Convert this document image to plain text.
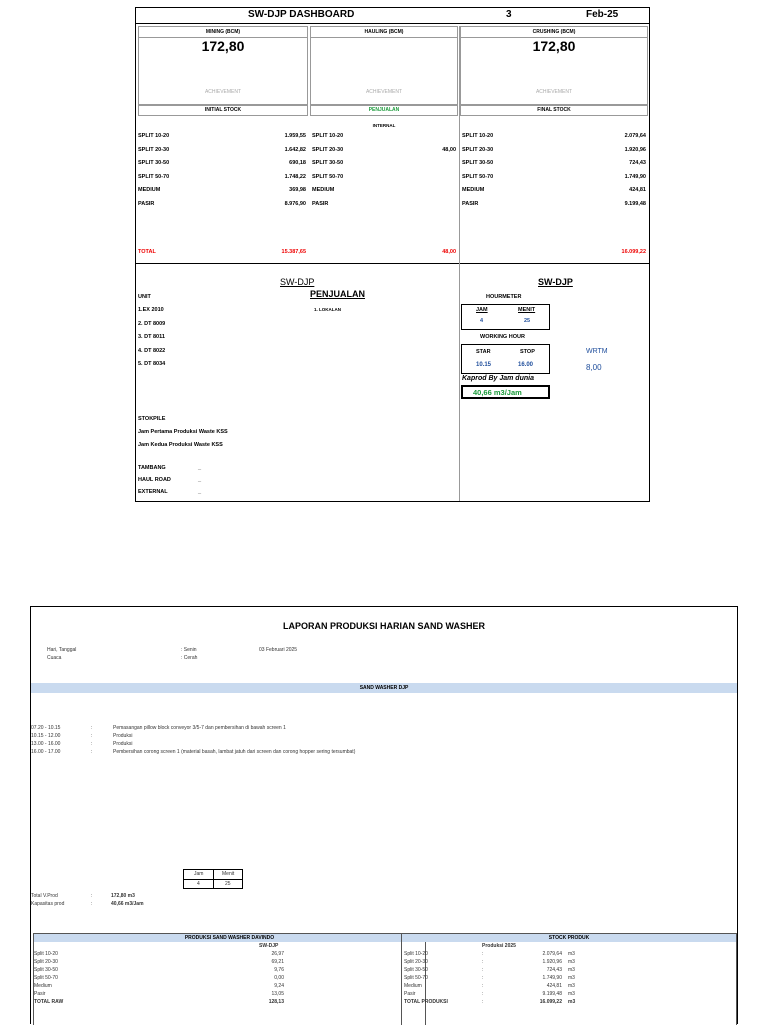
SW-DJP DASHBOARD	3	Feb-25
MINING (BCM)
172,80
ACHIEVEMENT
HAULING (BCM)
ACHIEVEMENT
CRUSHING (BCM)
172,80
ACHIEVEMENT
INITIAL STOCK	PENJUALAN	FINAL STOCK
INTERNAL
SPLIT 10-20	1.959,55
SPLIT 20-30	1.642,82
SPLIT 30-50	690,18
SPLIT 50-70	1.748,22
MEDIUM	369,98
PASIR	8.976,90
SPLIT 10-20
SPLIT 20-30	48,00
SPLIT 30-50
SPLIT 50-70
MEDIUM
PASIR
SPLIT 10-20	2.079,64
SPLIT 20-30	1.920,96
SPLIT 30-50	724,43
SPLIT 50-70	1.749,90
MEDIUM	424,81
PASIR	9.199,48
TOTAL	15.387,65	48,00	16.099,22
SW-DJP
PENJUALAN
UNIT
1.EX 2010
2. DT 8009
3. DT 8011
4. DT 8022
5. DT 8034
1. LOKALAN
STOKPILE
Jam Pertama Produksi Waste KSS
Jam Kedua Produksi Waste KSS
TAMBANG	_
HAUL ROAD	_
EXTERNAL	_
SW-DJP
HOURMETER
JAM	MENIT
4	25
WORKING HOUR
STAR	STOP
10.15	16.00
WRTM
8,00
Kaprod By Jam dunia
40,66 m3/Jam
LAPORAN PRODUKSI HARIAN SAND WASHER
Hari, Tanggal	: Senin	03 Februari 2025
Cuaca	: Cerah
SAND WASHER DJP
07.20 - 10.15	:	Pemasangan pillow block conveyor 3/5-7 dan pembersihan di bawah screen 1
10.15 - 12.00	:	Produksi
13.00 - 16.00	:	Produksi
16.00 - 17.00	:	Pembersihan corong screen 1 (material basah, lambat jatuh dari screen dan corong hopper sering tersumbat)
Jam	Menit
4	25
Total V.Prod	:	172,80 m3
Kapasitas prod	:	40,66 m3/Jam
PRODUKSI SAND WASHER DAVINDO
SW-DJP
Split 10-20	26,97
Split 20-30	69,21
Split 30-50	9,76
Split 50-70	0,00
Medium	9,24
Pasir	13,05
TOTAL RAW	128,13
STOCK PRODUK
Produksi 2025
Split 10-20	:	2.079,64 m3
Split 20-30	:	1.920,96 m3
Split 30-50	:	724,43 m3
Split 50-70	:	1.749,90 m3
Medium	:	424,81 m3
Pasir	:	9.199,48 m3
TOTAL PRODUKSI	:	16.099,22 m3
